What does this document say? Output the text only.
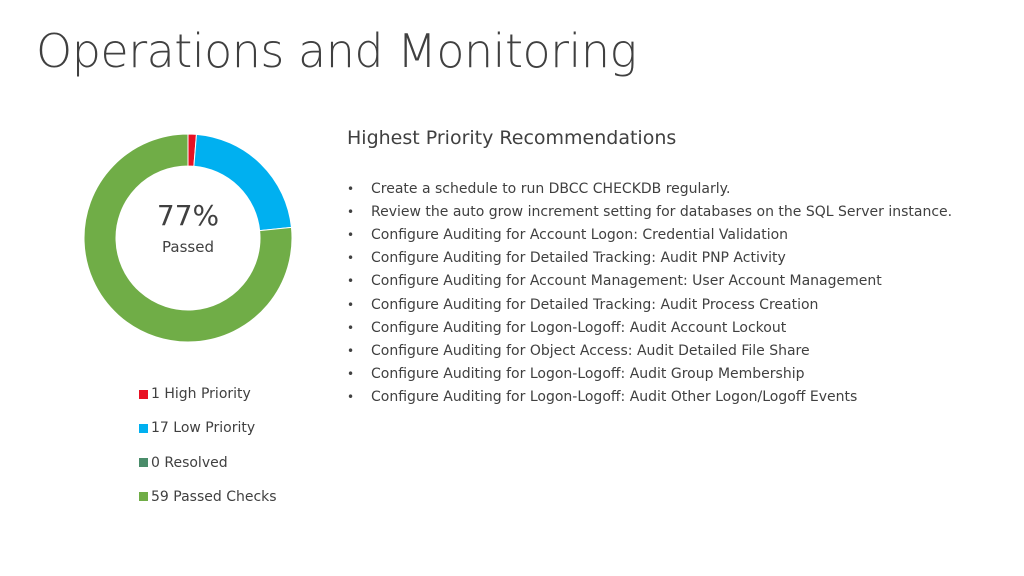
Operations and Monitoring
77%
Passed
1 High Priority
17 Low Priority
0 Resolved
59 Passed Checks
Highest Priority Recommendations
•	Create a schedule to run DBCC CHECKDB regularly.
•	Review the auto grow increment setting for databases on the SQL Server instance.
•	Configure Auditing for Account Logon: Credential Validation
•	Configure Auditing for Detailed Tracking: Audit PNP Activity
•	Configure Auditing for Account Management: User Account Management
•	Configure Auditing for Detailed Tracking: Audit Process Creation
•	Configure Auditing for Logon-Logoff: Audit Account Lockout
•	Configure Auditing for Object Access: Audit Detailed File Share
•	Configure Auditing for Logon-Logoff: Audit Group Membership
•	Configure Auditing for Logon-Logoff: Audit Other Logon/Logoff Events
